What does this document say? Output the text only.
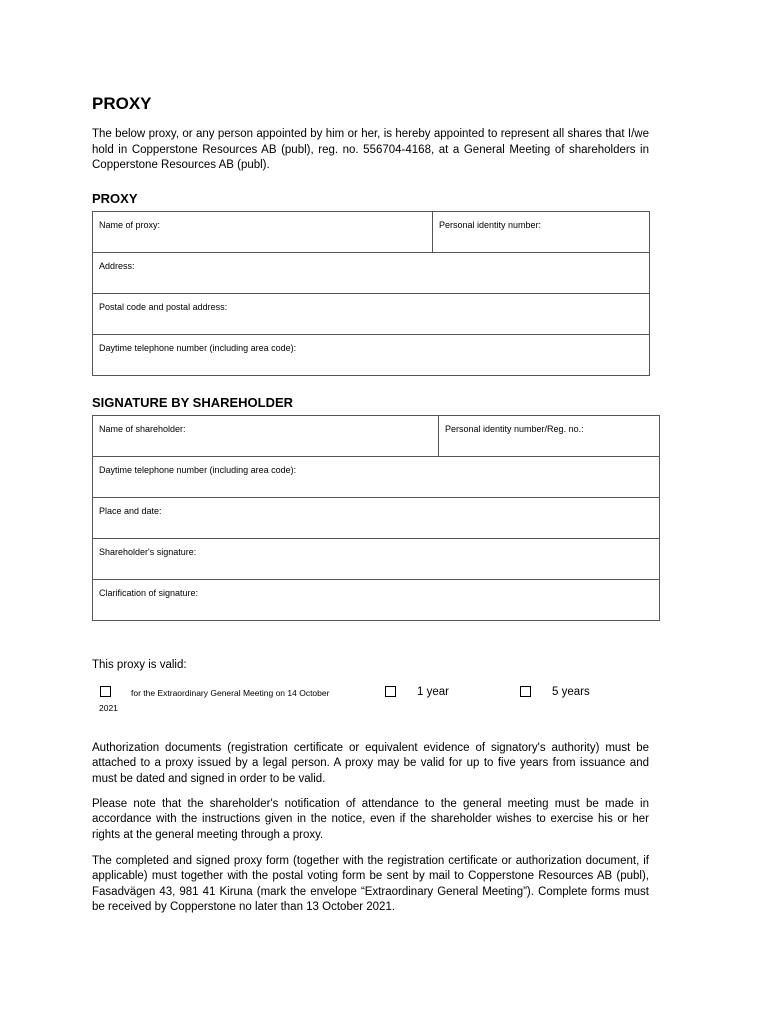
PROXY

The below proxy, or any person appointed by him or her, is hereby appointed to represent all shares that I/we hold in Copperstone Resources AB (publ), reg. no. 556704-4168, at a General Meeting of shareholders in Copperstone Resources AB (publ).

PROXY
Name of proxy:	Personal identity number:
Address:
Postal code and postal address:
Daytime telephone number (including area code):
SIGNATURE BY SHAREHOLDER
Name of shareholder:	Personal identity number/Reg. no.:
Daytime telephone number (including area code):
Place and date:
Shareholder's signature:
Clarification of signature:
This proxy is valid:
for the Extraordinary General Meeting on 14 October
2021
1 year	5 years

Authorization documents (registration certificate or equivalent evidence of signatory's authority) must be attached to a proxy issued by a legal person. A proxy may be valid for up to five years from issuance and must be dated and signed in order to be valid.

Please note that the shareholder's notification of attendance to the general meeting must be made in accordance with the instructions given in the notice, even if the shareholder wishes to exercise his or her rights at the general meeting through a proxy.

The completed and signed proxy form (together with the registration certificate or authorization document, if applicable) must together with the postal voting form be sent by mail to Copperstone Resources AB (publ), Fasadvägen 43, 981 41 Kiruna (mark the envelope “Extraordinary General Meeting”). Complete forms must be received by Copperstone no later than 13 October 2021.
